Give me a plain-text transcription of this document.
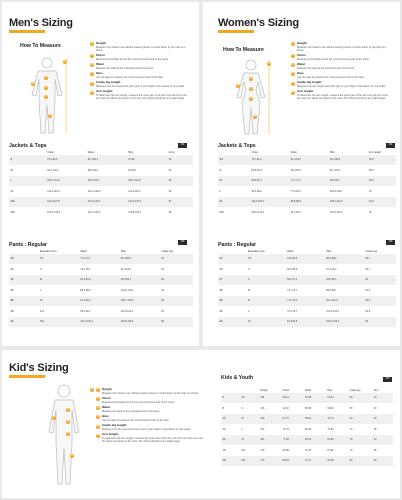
Men's Sizing
How To Measure
1
2
3
4
5
6
1	Height
Measure from head to toe without wearing shoes. It works better by the help of a friend.
2	Chest
Measure horizontally across the most prominent part of the chest.
3	Waist
Measure the waist at the narrowest part of the torso.
4	Hips
Use the tape to measure the most prominent part of the hips.
5	Inside leg length
Measure from the uppermost inner part of your thigh to the bottom of your ankle.
6	Arm length
To determine the arm length, measure the outer part of the arm from the top of the arm over the elbow and down to the wrist. The elbow should be at a slight angle.
Jackets & Tops	CM
	Chest	Waist	Hips	Arms
S	91,5-96,5	81,3-86,4	91-96	63
M	99,1-104,1	88,9-94,0	99-104	64
L	106,7-111,8	96,5-101,6	106,7-111,8	65
XL	114,3-119,4	104,1-109,2	114,3-119,4	66
2XL	121,9-127,0	111,8-116,8	121,9-127,0	67
3XL	129,5-134,6	119,4-124,5	129,5-134,6	68
Pants : Regular	CM
	Equivalent size	Waist	Hips	Inside Leg
28	XS	71,1-73,7	86,4-88,9	80
30	S	76,2-78,7	91,4-94,0	81
32	M	81,3-83,8	96,5-99,1	82
34	L	86,4-88,9	101,6-104,1	82
36	XL	91,4-94,0	106,7-109,2	82
38	2XL	96,5-99,1	111,8-114,3	83
40	3XL	101,6-104,1	116,8-119,4	83
Women's Sizing
How To Measure
1
2
3
4
5
6
1	Height
Measure from head to toe without wearing shoes. It works better by the help of a friend.
2	Chest
Measure horizontally across the most prominent part of the chest.
3	Waist
Measure the waist at the narrowest part of the torso.
4	Hips
Use the tape to measure the most prominent part of the hips.
5	Inside leg length
Measure from the uppermost inner part of your thigh to the bottom of your ankle.
6	Arm length
To determine the arm length, measure the outer part of the arm from the top of the arm over the elbow and down to the wrist. The elbow should be at a slight angle.
Jackets & Tops	CM
	Chest	Waist	Hips	Arm length
XS	78,7-81,3	61,0-63,5	86,4-88,9	58,5
S	83,8-86,4	66,0-68,6	91,4-94,0	59,5
M	88,9-91,4	71,1-73,7	96,5-99,1	60,5
L	95,0-99,0	77,5-81,3	102,9-106,7	61
XL	101,6-106,7	83,8-88,9	109,2-114,3	61,5
2XL	109,2-114,3	91,4-96,5	116,8-121,9	62
Pants : Regular	CM
	Equivalent size	Waist	Hips	Inside Leg
24	XS	61,0-63,5	86,4-88,9	80,7
26	S	66,0-68,6	91,4-94,0	80,7
27	S	68,6-71,1	94,0-96,5	81
28	M	71,1-73,7	96,5-99,1	81,3
29	M	73,7-76,2	99,1-101,6	81,5
30	L	76,2-78,7	101,6-104,1	81,8
32	XL	81,3-83,8	106,7-109,2	82
Kid's Sizing
1
2
3
4
5
6
1	Height
Measure from head to toe without wearing shoes. It works better by the help of a friend.
2	Chest
Measure horizontally across the most prominent part of the chest.
3	Waist
Measure the waist at the narrowest part of the torso.
4	Hips
Use the tape to measure the most prominent part of the hips.
5	Inside leg length
Measure from the uppermost inner part of your thigh to the bottom of your ankle.
6	Arm length
To determine the arm length, measure the outer part of the arm from the top of the arm over the elbow and down to the wrist. The elbow should be at a slight angle.
Kids & Youth	CM
		Height	Chest	Waist	Hips	Inside leg	Arm
6	XS	116	58-61	53-56	61-64	50	43
8	S	128	62-66	56-58	65-69	58	48
10	M	140	67-70	58-61	70-74	64	53
12	L	152	71-76	62-65	75-80	70	58
14	XL	164	77-82	66-69	81-86	76	63
16	2XL	170	83-88	70-73	87-92	79	66
18	3XL	176	89-94	74-77	93-98	82	69
